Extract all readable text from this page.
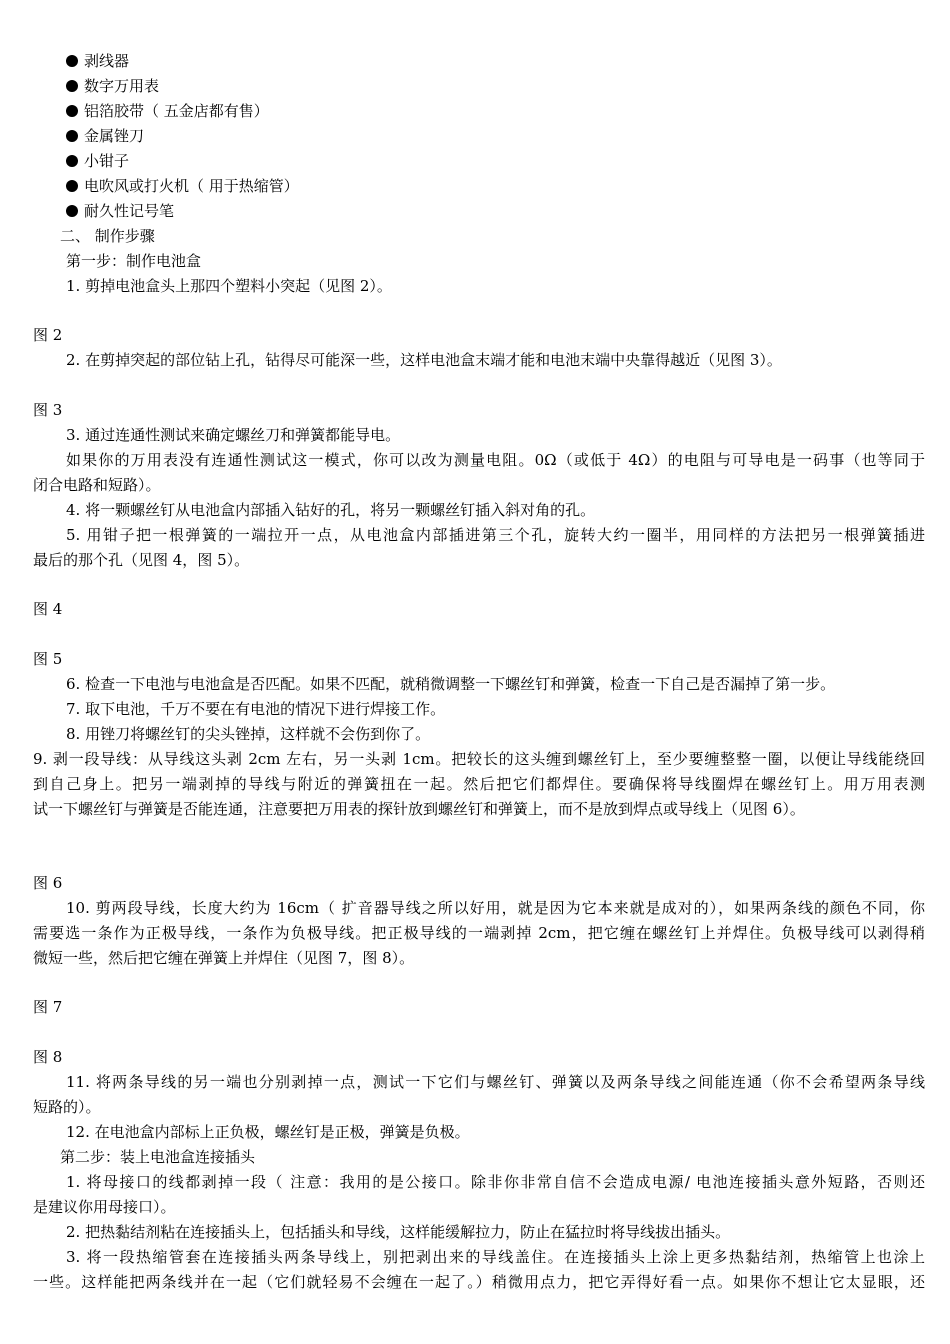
剥线器
数字万用表
铝箔胶带（ 五金店都有售）
金属锉刀
小钳子
电吹风或打火机（ 用于热缩管）
耐久性记号笔
二、 制作步骤
第一步：制作电池盒
1. 剪掉电池盒头上那四个塑料小突起（见图 2）。
图 2
2. 在剪掉突起的部位钻上孔，钻得尽可能深一些，这样电池盒末端才能和电池末端中央靠得越近（见图 3）。
图 3
3. 通过连通性测试来确定螺丝刀和弹簧都能导电。
如果你的万用表没有连通性测试这一模式，你可以改为测量电阻。0Ω（或低于 4Ω）的电阻与可导电是一码事（也等同于
闭合电路和短路）。
4. 将一颗螺丝钉从电池盒内部插入钻好的孔，将另一颗螺丝钉插入斜对角的孔。
5. 用钳子把一根弹簧的一端拉开一点，从电池盒内部插进第三个孔，旋转大约一圈半，用同样的方法把另一根弹簧插进
最后的那个孔（见图 4，图 5）。
图 4
图 5
6. 检查一下电池与电池盒是否匹配。如果不匹配，就稍微调整一下螺丝钉和弹簧，检查一下自己是否漏掉了第一步。
7. 取下电池，千万不要在有电池的情况下进行焊接工作。
8. 用锉刀将螺丝钉的尖头锉掉，这样就不会伤到你了。
9. 剥一段导线：从导线这头剥 2cm 左右，另一头剥 1cm。把较长的这头缠到螺丝钉上，至少要缠整整一圈，以便让导线能绕回
到自己身上。把另一端剥掉的导线与附近的弹簧扭在一起。然后把它们都焊住。要确保将导线圈焊在螺丝钉上。用万用表测
试一下螺丝钉与弹簧是否能连通，注意要把万用表的探针放到螺丝钉和弹簧上，而不是放到焊点或导线上（见图 6）。
图 6
10. 剪两段导线，长度大约为 16cm（ 扩音器导线之所以好用，就是因为它本来就是成对的），如果两条线的颜色不同，你
需要选一条作为正极导线，一条作为负极导线。把正极导线的一端剥掉 2cm，把它缠在螺丝钉上并焊住。负极导线可以剥得稍
微短一些，然后把它缠在弹簧上并焊住（见图 7，图 8）。
图 7
图 8
11. 将两条导线的另一端也分别剥掉一点，测试一下它们与螺丝钉、弹簧以及两条导线之间能连通（你不会希望两条导线
短路的）。
12. 在电池盒内部标上正负极，螺丝钉是正极，弹簧是负极。
第二步：装上电池盒连接插头
1. 将母接口的线都剥掉一段（ 注意：我用的是公接口。除非你非常自信不会造成电源/ 电池连接插头意外短路，否则还
是建议你用母接口）。
2. 把热黏结剂粘在连接插头上，包括插头和导线，这样能缓解拉力，防止在猛拉时将导线拔出插头。
3. 将一段热缩管套在连接插头两条导线上，别把剥出来的导线盖住。在连接插头上涂上更多热黏结剂，热缩管上也涂上
一些。这样能把两条线并在一起（它们就轻易不会缠在一起了。）稍微用点力，把它弄得好看一点。如果你不想让它太显眼，还
